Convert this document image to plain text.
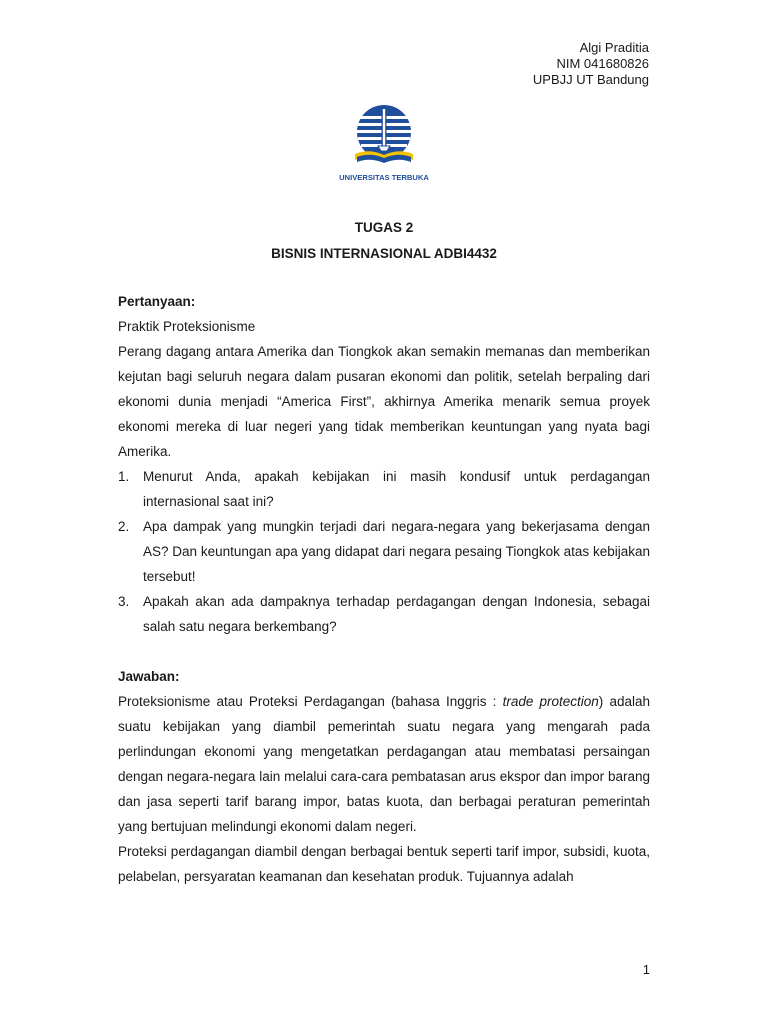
Algi Praditia
NIM 041680826
UPBJJ UT Bandung
UNIVERSITAS TERBUKA
TUGAS 2
BISNIS INTERNASIONAL ADBI4432

Pertanyaan:

Praktik Proteksionisme

Perang dagang antara Amerika dan Tiongkok akan semakin memanas dan memberikan kejutan bagi seluruh negara dalam pusaran ekonomi dan politik, setelah berpaling dari ekonomi dunia menjadi “America First”, akhirnya Amerika menarik semua proyek ekonomi mereka di luar negeri yang tidak memberikan keuntungan yang nyata bagi Amerika.

1.	Menurut Anda, apakah kebijakan ini masih kondusif untuk perdagangan internasional saat ini?
2.	Apa dampak yang mungkin terjadi dari negara-negara yang bekerjasama dengan AS? Dan keuntungan apa yang didapat dari negara pesaing Tiongkok atas kebijakan tersebut!
3.	Apakah akan ada dampaknya terhadap perdagangan dengan Indonesia, sebagai salah satu negara berkembang?

Jawaban:

Proteksionisme atau Proteksi Perdagangan (bahasa Inggris : trade protection) adalah suatu kebijakan yang diambil pemerintah suatu negara yang mengarah pada perlindungan ekonomi yang mengetatkan perdagangan atau membatasi persaingan dengan negara-negara lain melalui cara-cara pembatasan arus ekspor dan impor barang dan jasa seperti tarif barang impor, batas kuota, dan berbagai peraturan pemerintah yang bertujuan melindungi ekonomi dalam negeri.

Proteksi perdagangan diambil dengan berbagai bentuk seperti tarif impor, subsidi, kuota, pelabelan, persyaratan keamanan dan kesehatan produk. Tujuannya adalah

1
